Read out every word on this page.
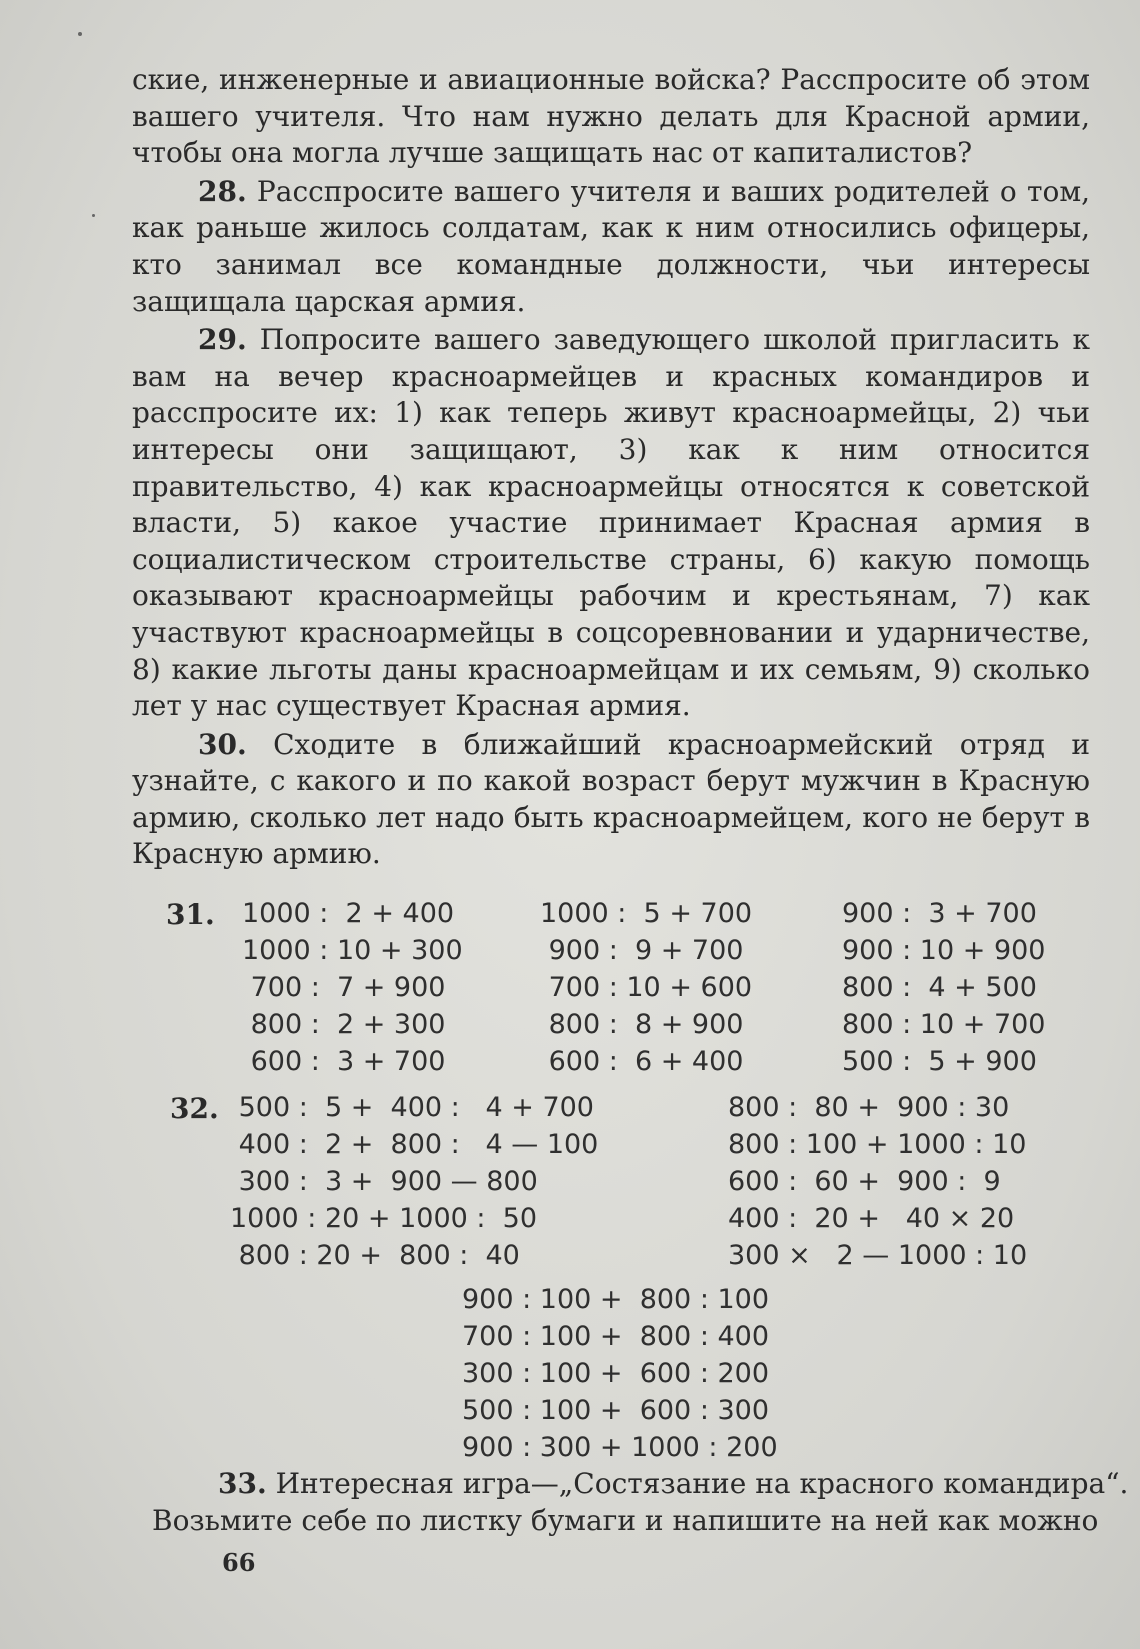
ские, инженерные и авиационные войска? Расспросите об этом вашего учителя. Что нам нужно делать для Красной армии, чтобы она могла лучше защищать нас от капиталистов?

28. Расспросите вашего учителя и ваших родителей о том, как раньше жилось солдатам, как к ним относились офицеры, кто занимал все командные должности, чьи интересы защищала царская армия.

29. Попросите вашего заведующего школой пригласить к вам на вечер красноармейцев и красных командиров и расспросите их: 1) как теперь живут красноармейцы, 2) чьи интересы они защищают, 3) как к ним относится правительство, 4) как красноармейцы относятся к советской власти, 5) какое участие принимает Красная армия в социалистическом строительстве страны, 6) какую помощь оказывают красноармейцы рабочим и крестьянам, 7) как участвуют красноармейцы в соцсоревновании и ударничестве, 8) какие льготы даны красноармейцам и их семьям, 9) сколько лет у нас существует Красная армия.

30. Сходите в ближайший красноармейский отряд и узнайте, с какого и по какой возраст берут мужчин в Красную армию, сколько лет надо быть красноармейцем, кого не берут в Красную армию.

31. 1000 :  2 + 400
1000 : 10 + 300
700 :  7 + 900
800 :  2 + 300
600 :  3 + 700
1000 :  5 + 700
900 :  9 + 700
700 : 10 + 600
800 :  8 + 900
600 :  6 + 400
900 :  3 + 700
900 : 10 + 900
800 :  4 + 500
800 : 10 + 700
500 :  5 + 900
32. 500 :  5 +  400 :   4 + 700
400 :  2 +  800 :   4 — 100
300 :  3 +  900 — 800
1000 : 20 + 1000 :  50
800 : 20 +  800 :  40
800 :  80 +  900 : 30
800 : 100 + 1000 : 10
600 :  60 +  900 :  9
400 :  20 +   40 × 20
300 ×   2 — 1000 : 10
900 : 100 +  800 : 100
700 : 100 +  800 : 400
300 : 100 +  600 : 200
500 : 100 +  600 : 300
900 : 300 + 1000 : 200
33. Интересная игра—„Состязание на красного командира“.
Возьмите себе по листку бумаги и напишите на ней как можно
66
